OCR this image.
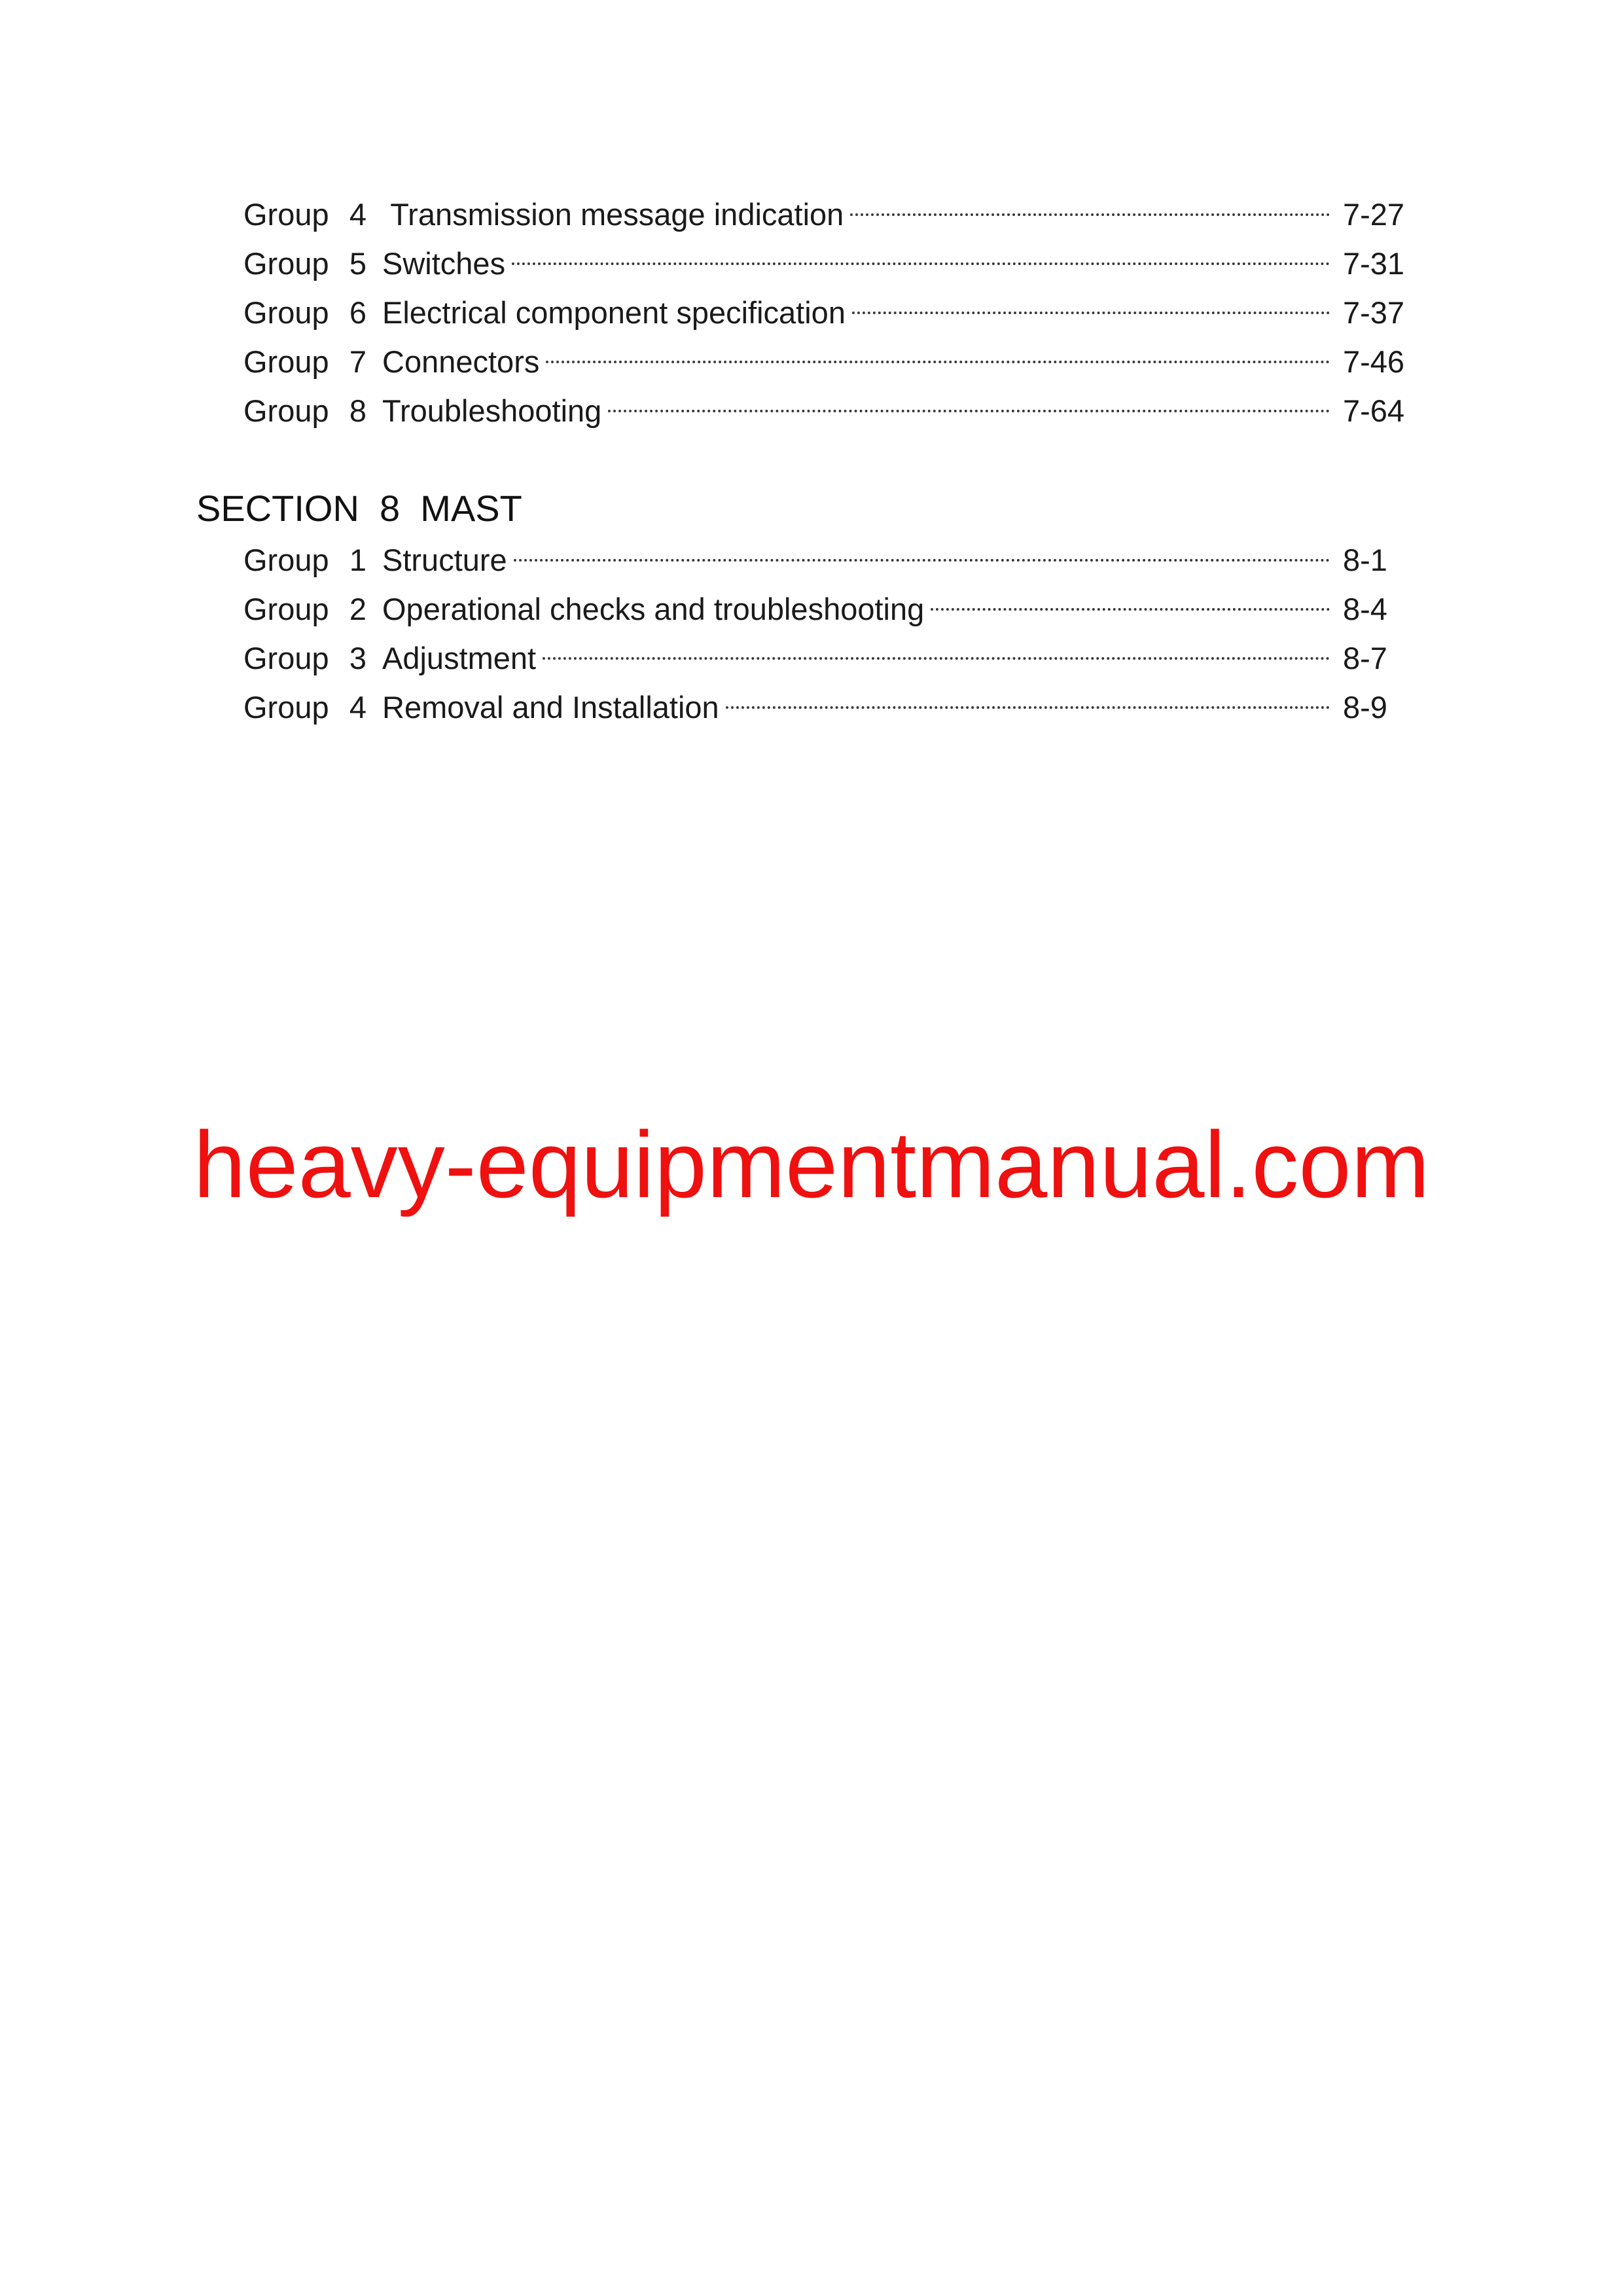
Group 4 Transmission message indication	7-27
Group 5 Switches	7-31
Group 6 Electrical component specification	7-37
Group 7 Connectors	7-46
Group 8 Troubleshooting	7-64
SECTION  8  MAST
Group 1 Structure	8-1
Group 2 Operational checks and troubleshooting	8-4
Group 3 Adjustment	8-7
Group 4 Removal and Installation	8-9
heavy-equipmentmanual.com
